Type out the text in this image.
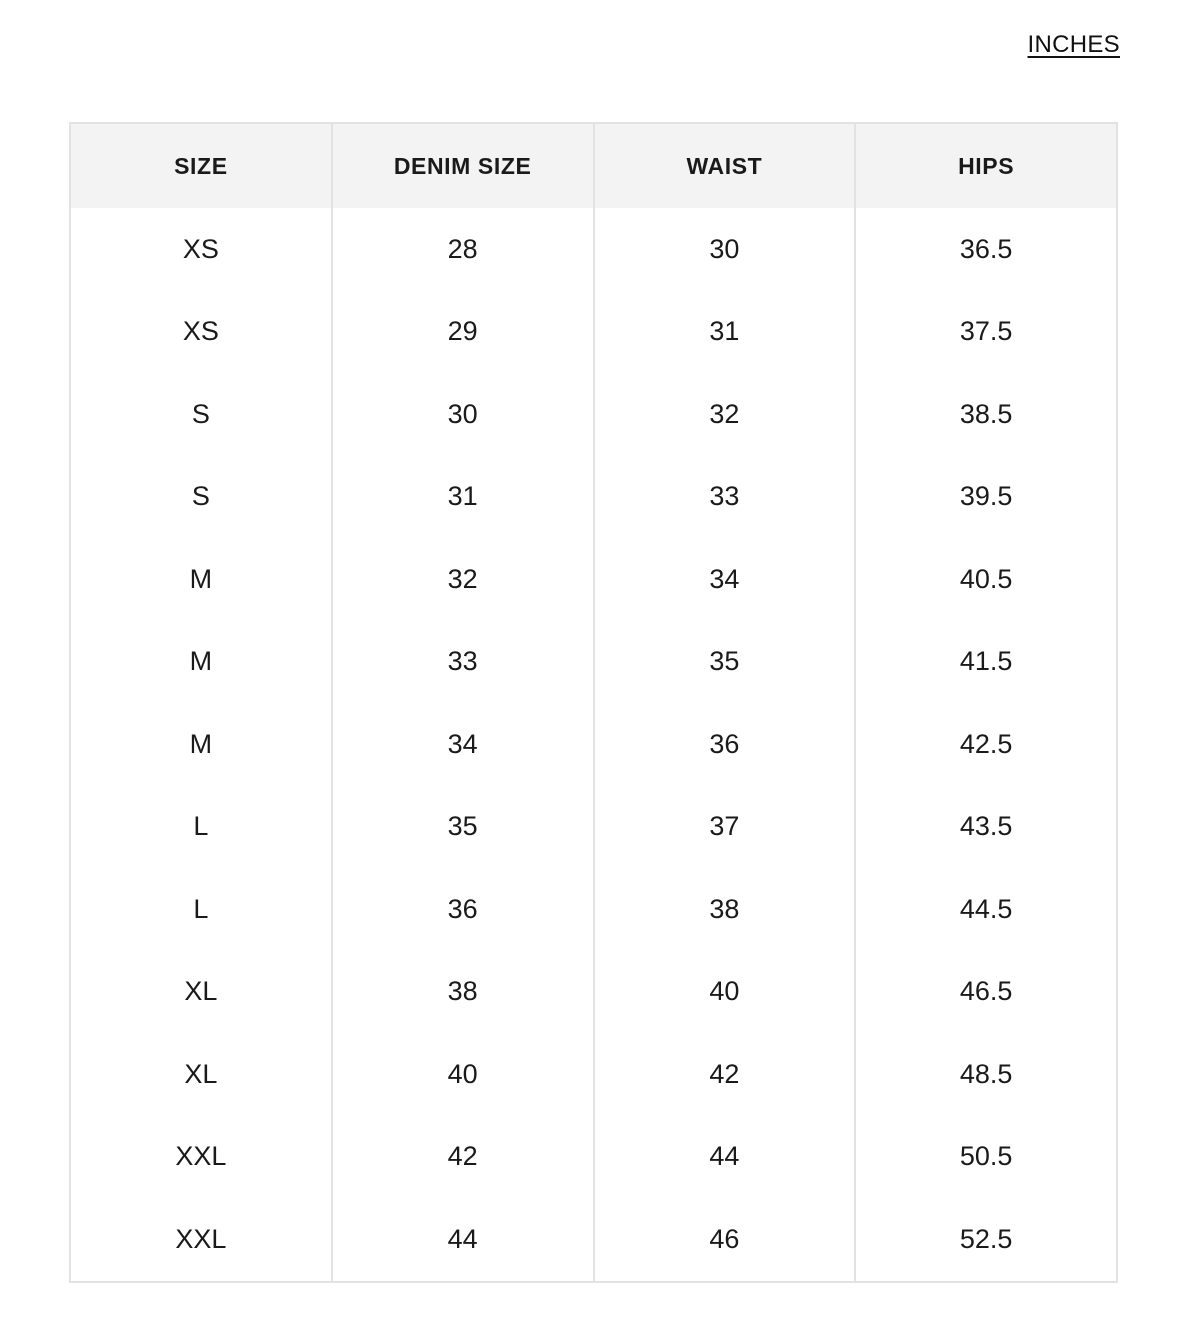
INCHES
SIZE	DENIM SIZE	WAIST	HIPS
XS	28	30	36.5
XS	29	31	37.5
S	30	32	38.5
S	31	33	39.5
M	32	34	40.5
M	33	35	41.5
M	34	36	42.5
L	35	37	43.5
L	36	38	44.5
XL	38	40	46.5
XL	40	42	48.5
XXL	42	44	50.5
XXL	44	46	52.5
